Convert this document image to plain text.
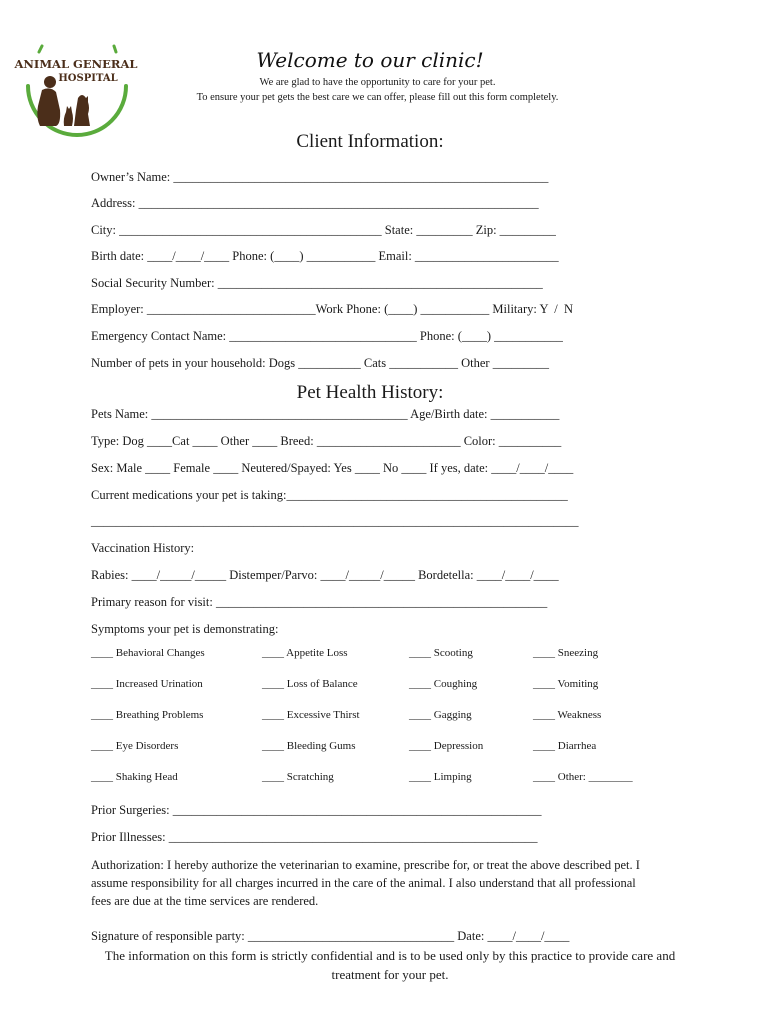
ANIMAL GENERAL
HOSPITAL
Welcome to our clinic!
We are glad to have the opportunity to care for your pet.
To ensure your pet gets the best care we can offer, please fill out this form completely.
Client Information:
Owner’s Name: ____________________________________________________________
Address: ________________________________________________________________
City: __________________________________________ State: _________ Zip: _________
Birth date: ____/____/____ Phone: (____) ___________ Email: _______________________
Social Security Number: ____________________________________________________
Employer: ___________________________Work Phone: (____) ___________ Military: Y  /  N
Emergency Contact Name: ______________________________ Phone: (____) ___________
Number of pets in your household: Dogs __________ Cats ___________ Other _________
Pet Health History:
Pets Name: _________________________________________ Age/Birth date: ___________
Type: Dog ____Cat ____ Other ____ Breed: _______________________ Color: __________
Sex: Male ____ Female ____ Neutered/Spayed: Yes ____ No ____ If yes, date: ____/____/____
Current medications your pet is taking:_____________________________________________
______________________________________________________________________________
Vaccination History:
Rabies: ____/_____/_____ Distemper/Parvo: ____/_____/_____ Bordetella: ____/____/____
Primary reason for visit: _____________________________________________________
Symptoms your pet is demonstrating:
____ Behavioral Changes	____ Appetite Loss	____ Scooting	____ Sneezing
____ Increased Urination	____ Loss of Balance	____ Coughing	____ Vomiting
____ Breathing Problems	____ Excessive Thirst	____ Gagging	____ Weakness
____ Eye Disorders	____ Bleeding Gums	____ Depression	____ Diarrhea
____ Shaking Head	____ Scratching	____ Limping	____ Other: ________
Prior Surgeries: ___________________________________________________________
Prior Illnesses: ___________________________________________________________
Authorization: I hereby authorize the veterinarian to examine, prescribe for, or treat the above described pet. I assume responsibility for all charges incurred in the care of the animal. I also understand that all professional fees are due at the time services are rendered.
Signature of responsible party: _________________________________ Date: ____/____/____
The information on this form is strictly confidential and is to be used only by this practice to provide care and treatment for your pet.
